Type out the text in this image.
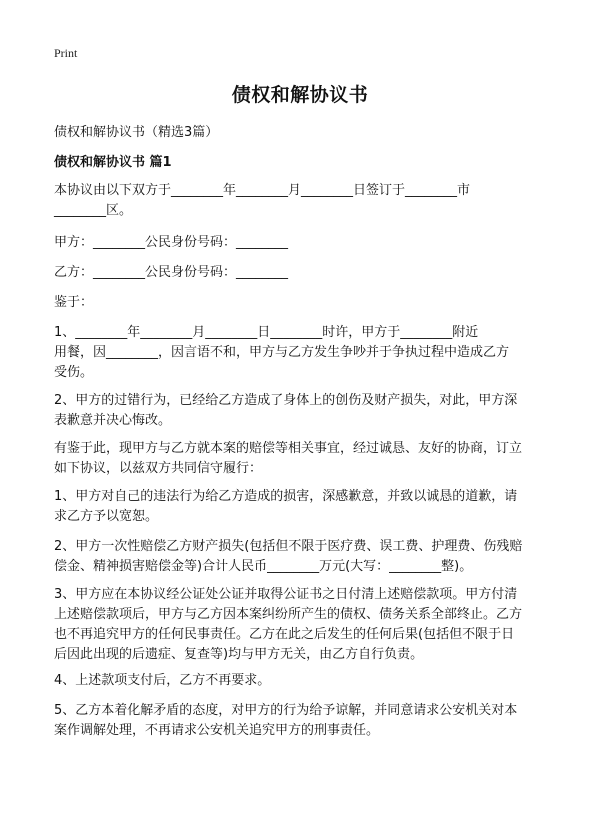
Print
债权和解协议书
债权和解协议书（精选3篇）
债权和解协议书 篇1
本协议由以下双方于________年________月________日签订于________市
________区。
甲方：________公民身份号码：________
乙方：________公民身份号码：________
鉴于：
1、________年________月________日________时许，甲方于________附近
用餐，因________，因言语不和，甲方与乙方发生争吵并于争执过程中造成乙方
受伤。
2、甲方的过错行为，已经给乙方造成了身体上的创伤及财产损失，对此，甲方深
表歉意并决心悔改。
有鉴于此，现甲方与乙方就本案的赔偿等相关事宜，经过诚恳、友好的协商，订立
如下协议，以兹双方共同信守履行：
1、甲方对自己的违法行为给乙方造成的损害，深感歉意，并致以诚恳的道歉，请
求乙方予以宽恕。
2、甲方一次性赔偿乙方财产损失(包括但不限于医疗费、误工费、护理费、伤残赔
偿金、精神损害赔偿金等)合计人民币________万元(大写：________整)。
3、甲方应在本协议经公证处公证并取得公证书之日付清上述赔偿款项。甲方付清
上述赔偿款项后，甲方与乙方因本案纠纷所产生的债权、债务关系全部终止。乙方
也不再追究甲方的任何民事责任。乙方在此之后发生的任何后果(包括但不限于日
后因此出现的后遗症、复查等)均与甲方无关，由乙方自行负责。
4、上述款项支付后，乙方不再要求。
5、乙方本着化解矛盾的态度，对甲方的行为给予谅解，并同意请求公安机关对本
案作调解处理，不再请求公安机关追究甲方的刑事责任。
